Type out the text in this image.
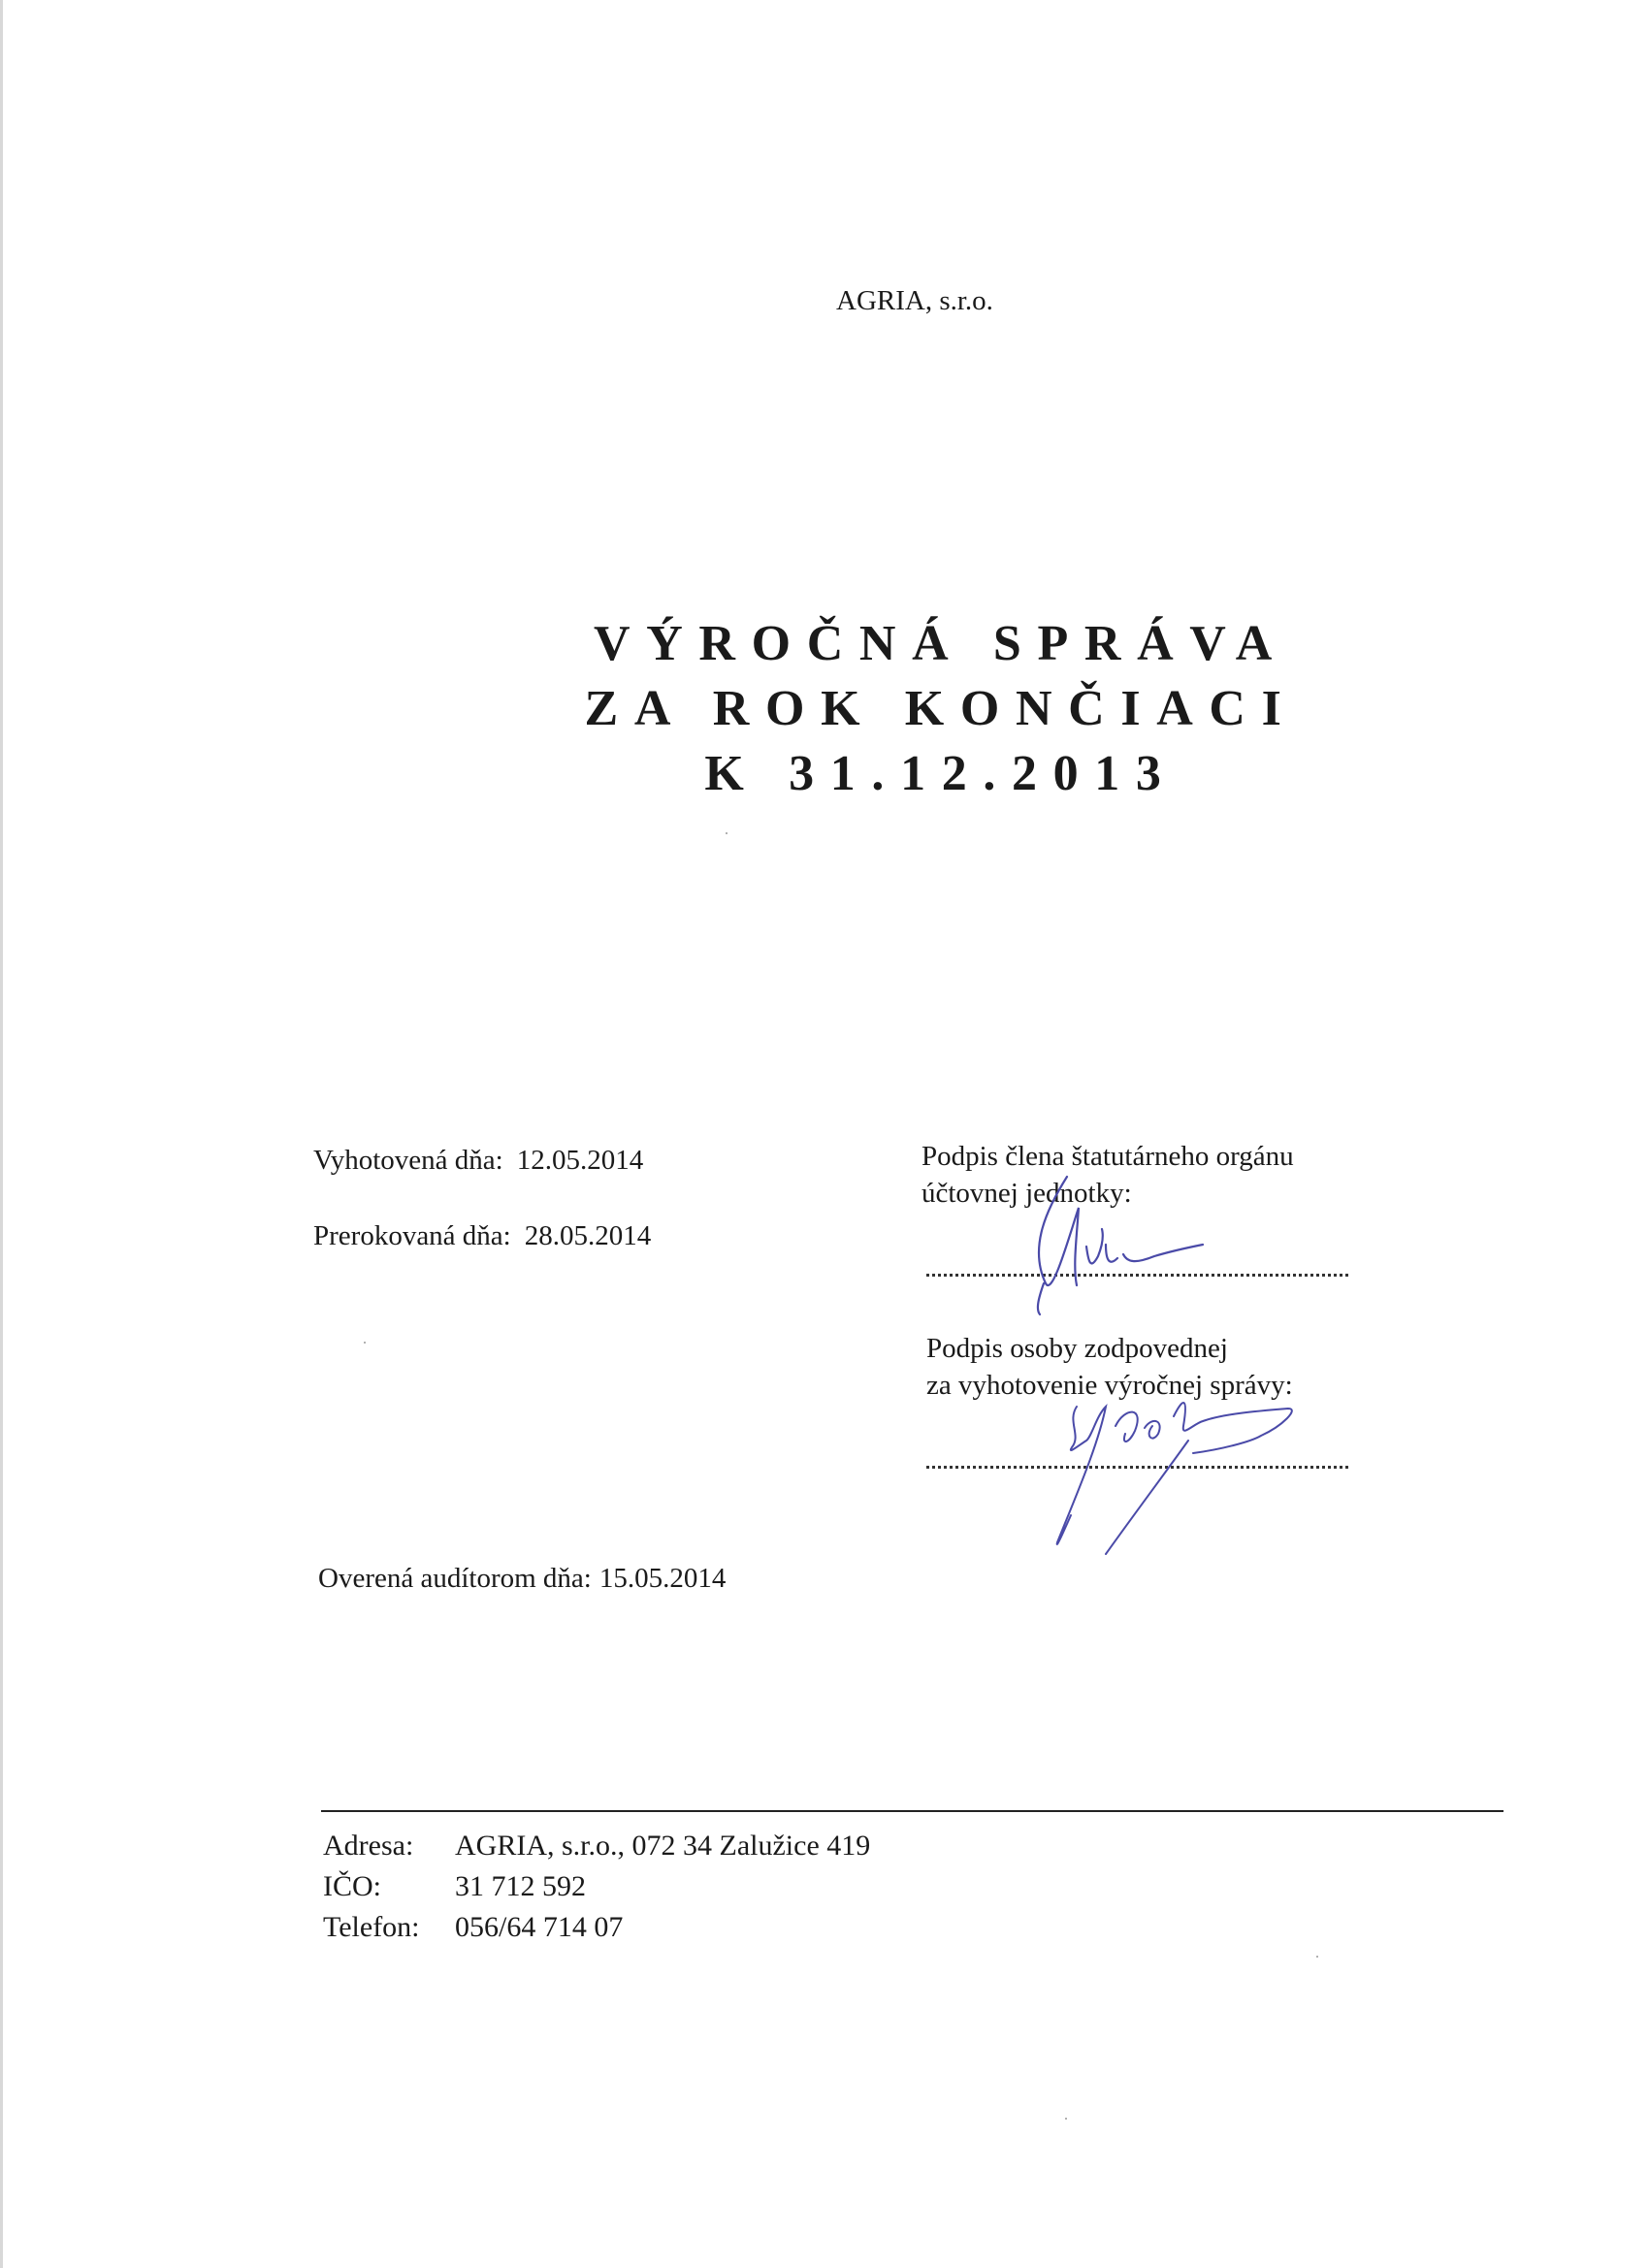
AGRIA, s.r.o.
VÝROČNÁ SPRÁVA
ZA ROK KONČIACI
K 31.12.2013
Vyhotovená dňa: 12.05.2014
Prerokovaná dňa: 28.05.2014
Overená audítorom dňa: 15.05.2014
Podpis člena štatutárneho orgánu
účtovnej jednotky:
Podpis osoby zodpovednej
za vyhotovenie výročnej správy:
Adresa: AGRIA, s.r.o., 072 34 Zalužice 419
IČO:	31 712 592
Telefon: 056/64 714 07
